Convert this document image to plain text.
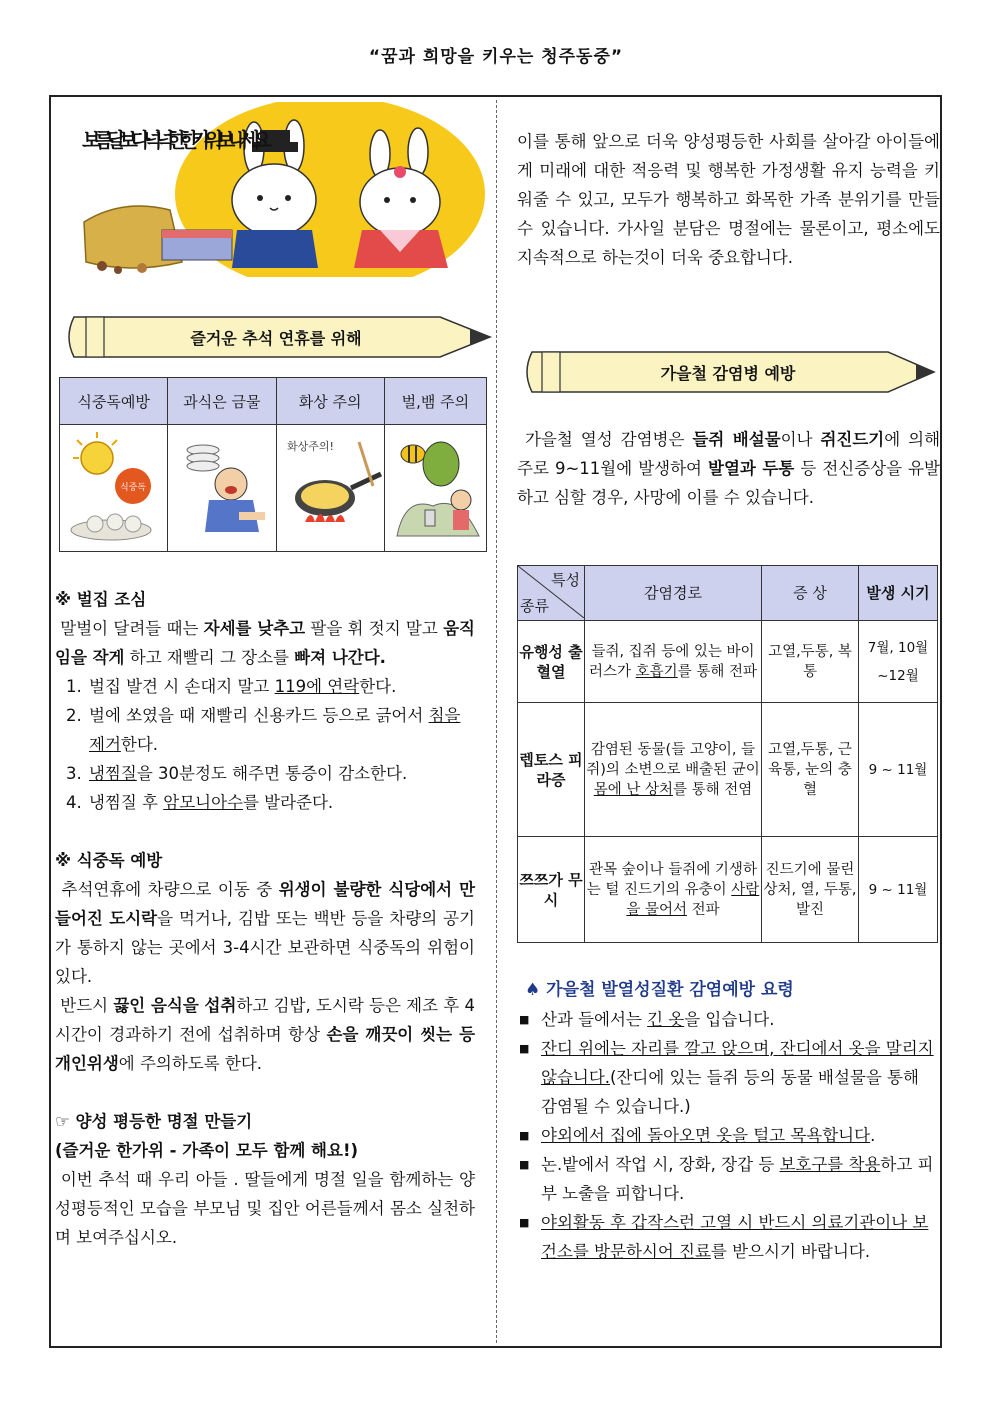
“꿈과 희망을 키우는 청주동중”
보름달보다 넉넉한 한가위 보내세요
즐거운 추석 연휴를 위해
식중독예방	과식은 금물	화상 주의	벌,뱀 주의

식중독		화상주의!

※ 벌집 조심

말벌이 달려들 때는 자세를 낮추고 팔을 휘 젓지 말고 움직임을 작게 하고 재빨리 그 장소를 빠져 나간다.

1. 벌집 발견 시 손대지 말고 119에 연락한다.
2. 벌에 쏘였을 때 재빨리 신용카드 등으로 긁어서 침을 제거한다.
3. 냉찜질을 30분정도 해주면 통증이 감소한다.
4. 냉찜질 후 암모니아수를 발라준다.
※ 식중독 예방

추석연휴에 차량으로 이동 중 위생이 불량한 식당에서 만들어진 도시락을 먹거나, 김밥 또는 백반 등을 차량의 공기가 통하지 않는 곳에서 3-4시간 보관하면 식중독의 위험이 있다.

반드시 끓인 음식을 섭취하고 김밥, 도시락 등은 제조 후 4시간이 경과하기 전에 섭취하며 항상 손을 깨끗이 씻는 등 개인위생에 주의하도록 한다.

☞ 양성 평등한 명절 만들기
(즐거운 한가위 - 가족이 모두 함께 해요!)

이번 추석 때 우리 아들 . 딸들에게 명절 일을 함께하는 양성평등적인 모습을 부모님 및 집안 어른들께서 몸소 실천하며 보여주십시오.

이를 통해 앞으로 더욱 양성평등한 사회를 살아갈 아이들에게 미래에 대한 적응력 및 행복한 가정생활 유지 능력을 키워줄 수 있고, 모두가 행복하고 화목한 가족 분위기를 만들 수 있습니다. 가사일 분담은 명절에는 물론이고, 평소에도 지속적으로 하는것이 더욱 중요합니다.

가을철 감염병 예방

가을철 열성 감염병은 들쥐 배설물이나 쥐진드기에 의해 주로 9~11월에 발생하여 발열과 두통 등 전신증상을 유발하고 심할 경우, 사망에 이를 수 있습니다.

특성
종류	감염경로	증 상	발생 시기
유행성 출혈열	들쥐, 집쥐 등에 있는 바이러스가 호흡기를 통해 전파	고열,두통, 복통	7월, 10월~12월
렙토스 피라증	감염된 동물(들 고양이, 들쥐)의 소변으로 배출된 균이 몸에 난 상처를 통해 전염	고열,두통, 근육통, 눈의 충혈	9 ~ 11월
쯔쯔가 무시	관목 숲이나 들쥐에 기생하는 털 진드기의 유충이 사람을 물어서 전파	진드기에 물린 상처, 열, 두통, 발진	9 ~ 11월
♠ 가을철 발열성질환 감염예방 요령
■ 산과 들에서는 긴 옷을 입습니다.
■ 잔디 위에는 자리를 깔고 앉으며, 잔디에서 옷을 말리지 않습니다.(잔디에 있는 들쥐 등의 동물 배설물을 통해 감염될 수 있습니다.)
■ 야외에서 집에 돌아오면 옷을 털고 목욕합니다.
■ 논.밭에서 작업 시, 장화, 장갑 등 보호구를 착용하고 피부 노출을 피합니다.
■ 야외활동 후 갑작스런 고열 시 반드시 의료기관이나 보건소를 방문하시어 진료를 받으시기 바랍니다.
